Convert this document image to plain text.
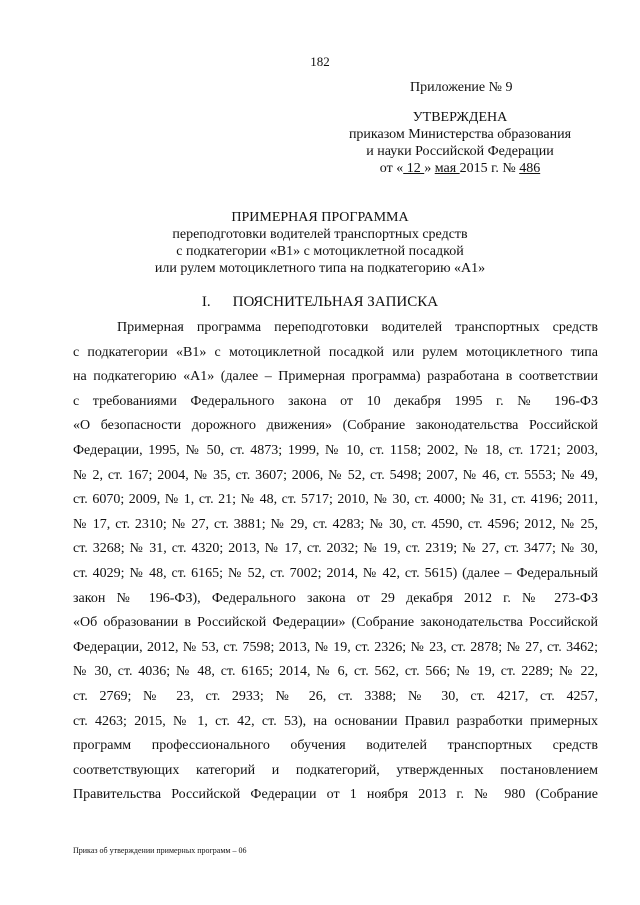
182
Приложение № 9
УТВЕРЖДЕНА
приказом Министерства образования
и науки Российской Федерации
от « 12 » мая 2015 г. № 486
ПРИМЕРНАЯ ПРОГРАММА
переподготовки водителей транспортных средств
с подкатегории «В1» с мотоциклетной посадкой
или рулем мотоциклетного типа на подкатегорию «А1»
I. ПОЯСНИТЕЛЬНАЯ ЗАПИСКА
Примерная программа переподготовки водителей транспортных средств
с подкатегории «В1» с мотоциклетной посадкой или рулем мотоциклетного типа
на подкатегорию «А1» (далее – Примерная программа) разработана в соответствии
с требованиями Федерального закона от 10 декабря 1995 г. № 196-ФЗ
«О безопасности дорожного движения» (Собрание законодательства Российской
Федерации, 1995, № 50, ст. 4873; 1999, № 10, ст. 1158; 2002, № 18, ст. 1721; 2003,
№ 2, ст. 167; 2004, № 35, ст. 3607; 2006, № 52, ст. 5498; 2007, № 46, ст. 5553; № 49,
ст. 6070; 2009, № 1, ст. 21; № 48, ст. 5717; 2010, № 30, ст. 4000; № 31, ст. 4196; 2011,
№ 17, ст. 2310; № 27, ст. 3881; № 29, ст. 4283; № 30, ст. 4590, ст. 4596; 2012, № 25,
ст. 3268; № 31, ст. 4320; 2013, № 17, ст. 2032; № 19, ст. 2319; № 27, ст. 3477; № 30,
ст. 4029; № 48, ст. 6165; № 52, ст. 7002; 2014, № 42, ст. 5615) (далее – Федеральный
закон № 196-ФЗ), Федерального закона от 29 декабря 2012 г. № 273-ФЗ
«Об образовании в Российской Федерации» (Собрание законодательства Российской
Федерации, 2012, № 53, ст. 7598; 2013, № 19, ст. 2326; № 23, ст. 2878; № 27, ст. 3462;
№ 30, ст. 4036; № 48, ст. 6165; 2014, № 6, ст. 562, ст. 566; № 19, ст. 2289; № 22,
ст. 2769; № 23, ст. 2933; № 26, ст. 3388; № 30, ст. 4217, ст. 4257,
ст. 4263; 2015, № 1, ст. 42, ст. 53), на основании Правил разработки примерных
программ профессионального обучения водителей транспортных средств
соответствующих категорий и подкатегорий, утвержденных постановлением
Правительства Российской Федерации от 1 ноября 2013 г. № 980 (Собрание
Приказ об утверждении примерных программ – 06
